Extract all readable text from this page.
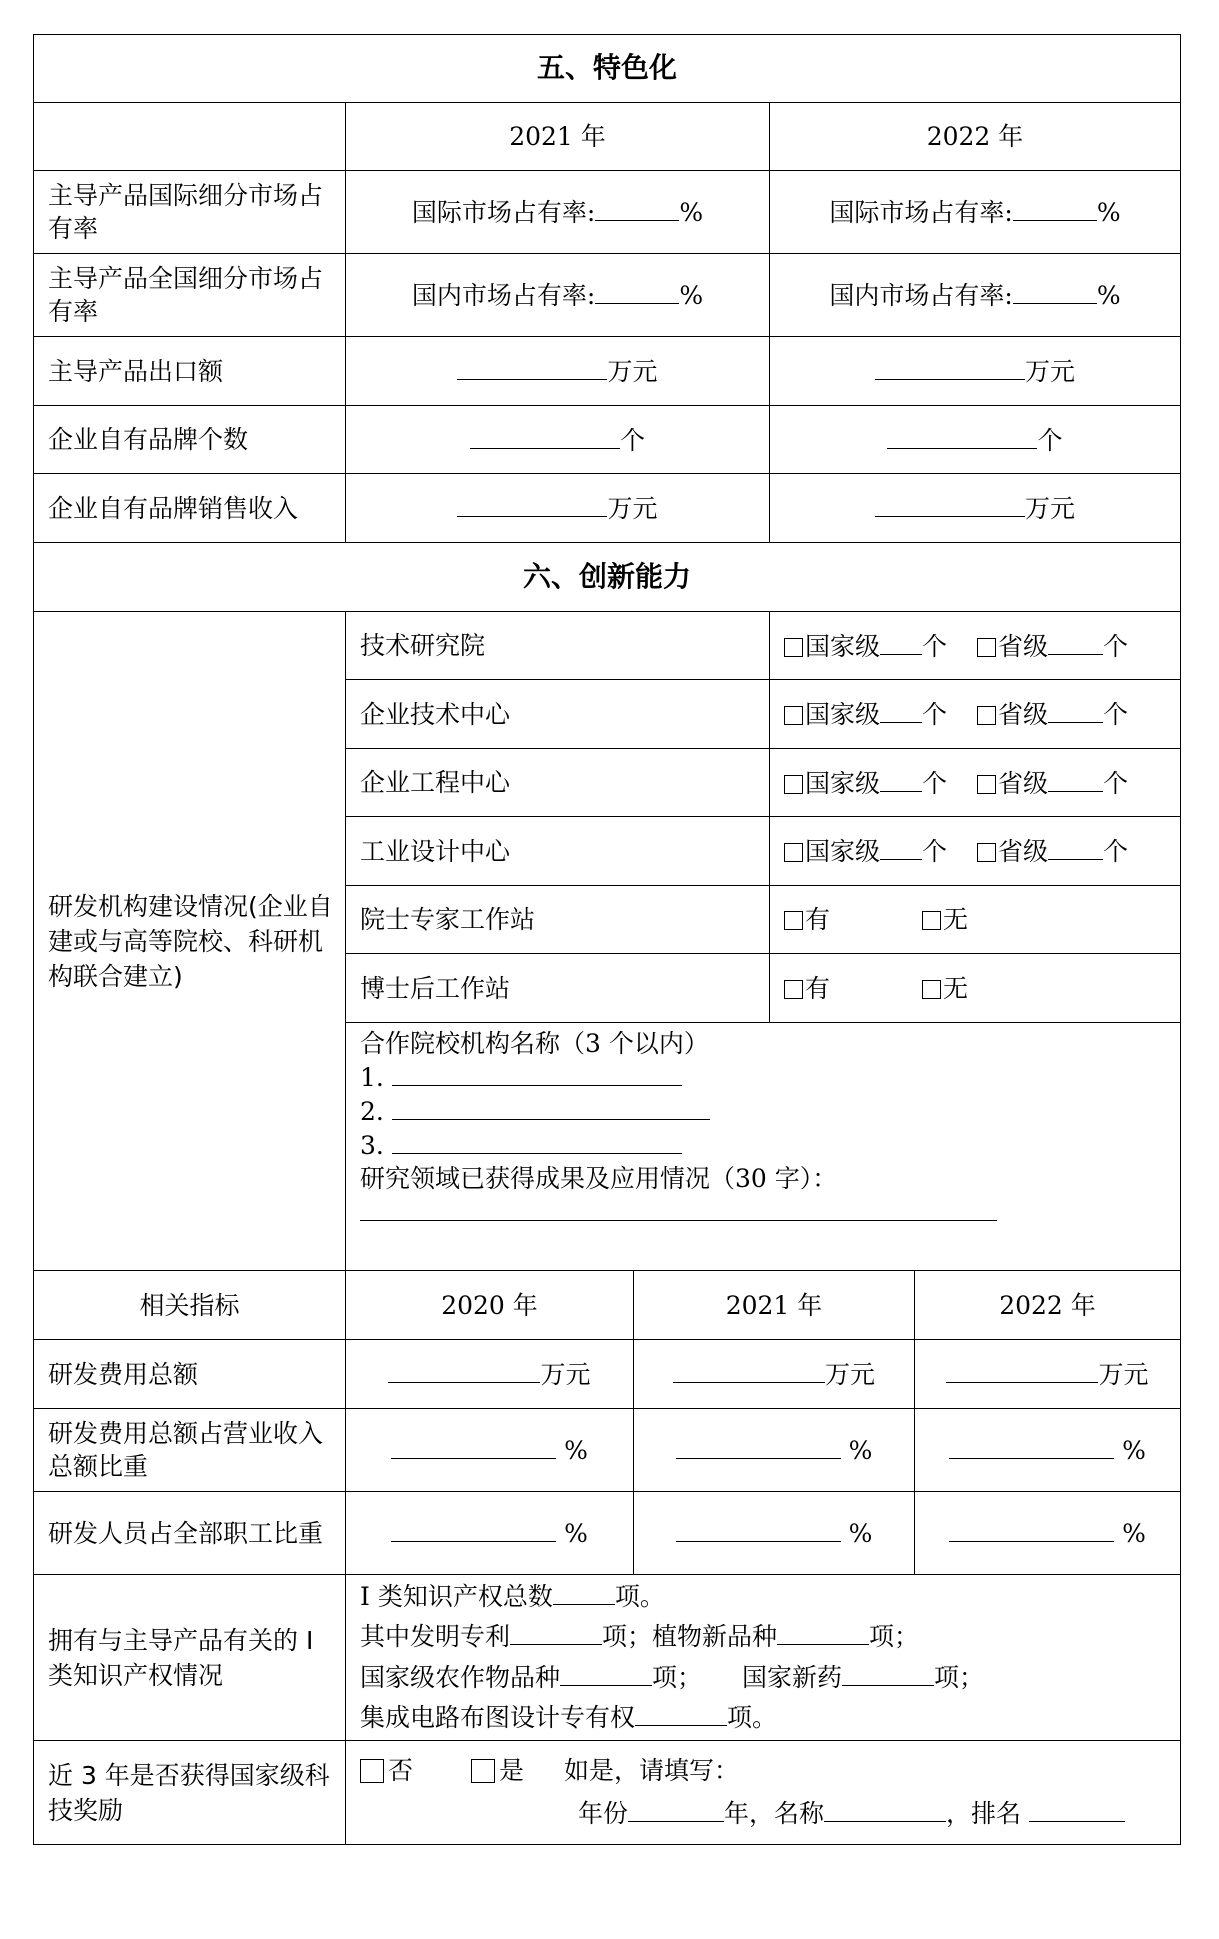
五、特色化				
	2021 年		2022 年	
主导产品国际细分市场占有率	国际市场占有率: %		国际市场占有率: %	
主导产品全国细分市场占有率	国内市场占有率: %		国内市场占有率: %	
主导产品出口额	万元		万元	
企业自有品牌个数	个		个	
企业自有品牌销售收入	万元		万元	
六、创新能力				
研发机构建设情况(企业自建或与高等院校、科研机构联合建立)	技术研究院		国家级 个 省级 个	
	企业技术中心		国家级 个 省级 个	
	企业工程中心		国家级 个 省级 个	
	工业设计中心		国家级 个 省级 个	
	院士专家工作站		有 无	
	博士后工作站		有 无	

	合作院校机构名称（3 个以内）
1.
2.
3.
研究领域已获得成果及应用情况（30 字）：			

相关指标	2020 年	2021 年		2022 年
研发费用总额	万元	万元		万元
研发费用总额占营业收入总额比重	%	%		%
研发人员占全部职工比重	%	%		%
拥有与主导产品有关的 I 类知识产权情况	I 类知识产权总数 项。
其中发明专利 项；植物新品种 项；
国家级农作物品种 项； 国家新药 项；
集成电路布图设计专有权 项。			

近 3 年是否获得国家级科技奖励	否 是 如是，请填写：
年份 年，名称 ，排名			
